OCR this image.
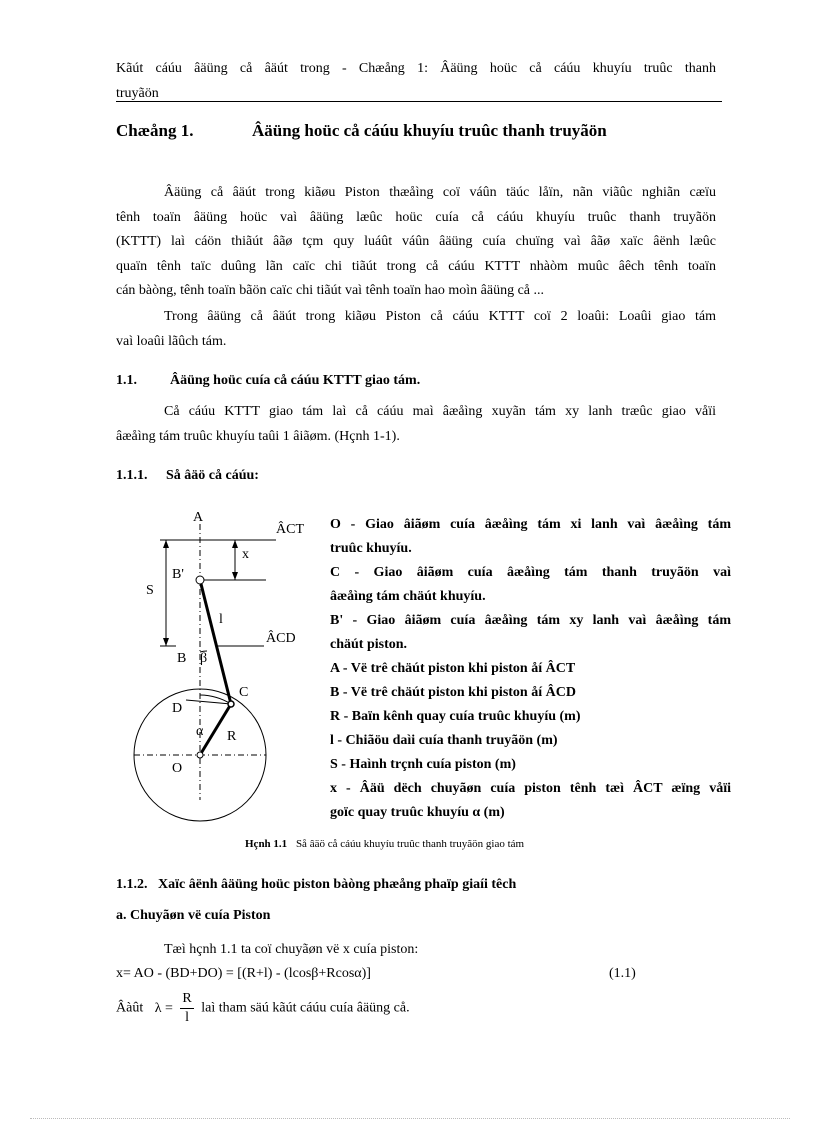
Kãút cáúu âäüng cå âäút trong - Chæång 1: Âäüng hoüc cå cáúu khuyíu truûc thanh
truyãön
Chæång 1.	Âäüng hoüc cå cáúu khuyíu truûc thanh truyãön
Âäüng cå âäút trong kiãøu Piston thæåìng coï váûn täúc låïn, nãn viãûc nghiãn cæïu
tênh toaïn âäüng hoüc vaì âäüng læûc hoüc cuía cå cáúu khuyíu truûc thanh truyãön
(KTTT) laì cáön thiãút âãø tçm quy luáût váûn âäüng cuía chuïng vaì âãø xaïc âënh læûc
quaïn tênh taïc duûng lãn caïc chi tiãút trong cå cáúu KTTT nhàòm muûc âêch tênh toaïn
cán bàòng, tênh toaïn bãön caïc chi tiãút vaì tênh toaïn hao moìn âäüng cå ...
Trong âäüng cå âäút trong kiãøu Piston cå cáúu KTTT coï 2 loaûi: Loaûi giao tám
vaì loaûi lãûch tám.
1.1. Âäüng hoüc cuía cå cáúu KTTT giao tám.
Cå cáúu KTTT giao tám laì cå cáúu maì âæåìng xuyãn tám xy lanh træûc giao våïi
âæåìng tám truûc khuyíu taûi 1 âiãøm. (Hçnh 1-1).
1.1.1. Så âäö cå cáúu:
A
ÂCT
x
B'
S
l
ÂCD
B β
C
D
α R
O
O - Giao âiãøm cuía âæåìng tám xi lanh vaì âæåìng tám
truûc khuyíu.
C - Giao âiãøm cuía âæåìng tám thanh truyãön vaì
âæåìng tám chäút khuyíu.
B' - Giao âiãøm cuía âæåìng tám xy lanh vaì âæåìng tám
chäút piston.
A - Vë trê chäút piston khi piston åí ÂCT
B - Vë trê chäút piston khi piston åí ÂCD
R - Baïn kênh quay cuía truûc khuyíu (m)
l - Chiãöu daìi cuía thanh truyãön (m)
S - Haình trçnh cuía piston (m)
x - Âäü dëch chuyãøn cuía piston tênh tæì ÂCT æïng våïi
goïc quay truûc khuyíu α (m)
Hçnh 1.1 Så âäö cå cáúu khuyíu truûc thanh truyãön giao tám
1.1.2. Xaïc âënh âäüng hoüc piston bàòng phæång phaïp giaíi têch
a. Chuyãøn vë cuía Piston
Tæì hçnh 1.1 ta coï chuyãøn vë x cuía piston:
x= AO - (BD+DO) = [(R+l) - (lcosβ+Rcosα)]	(1.1)
Âàût $\lambda = \frac{R}{l}$ laì tham säú kãút cáúu cuía âäüng cå.
